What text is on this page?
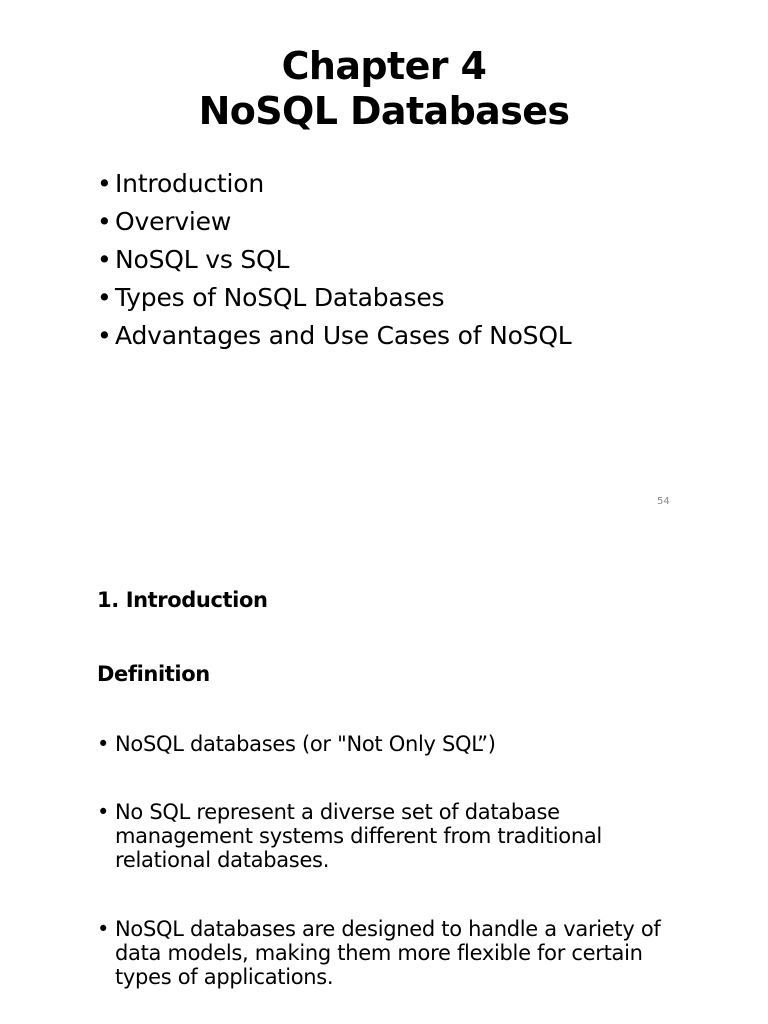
Chapter 4
NoSQL Databases
• Introduction
• Overview
• NoSQL vs SQL
• Types of NoSQL Databases
• Advantages and Use Cases of NoSQL
54
1. Introduction
Definition
• NoSQL databases (or "Not Only SQL”)
• No SQL represent a diverse set of database management systems different from traditional relational databases.
• NoSQL databases are designed to handle a variety of data models, making them more flexible for certain types of applications.
